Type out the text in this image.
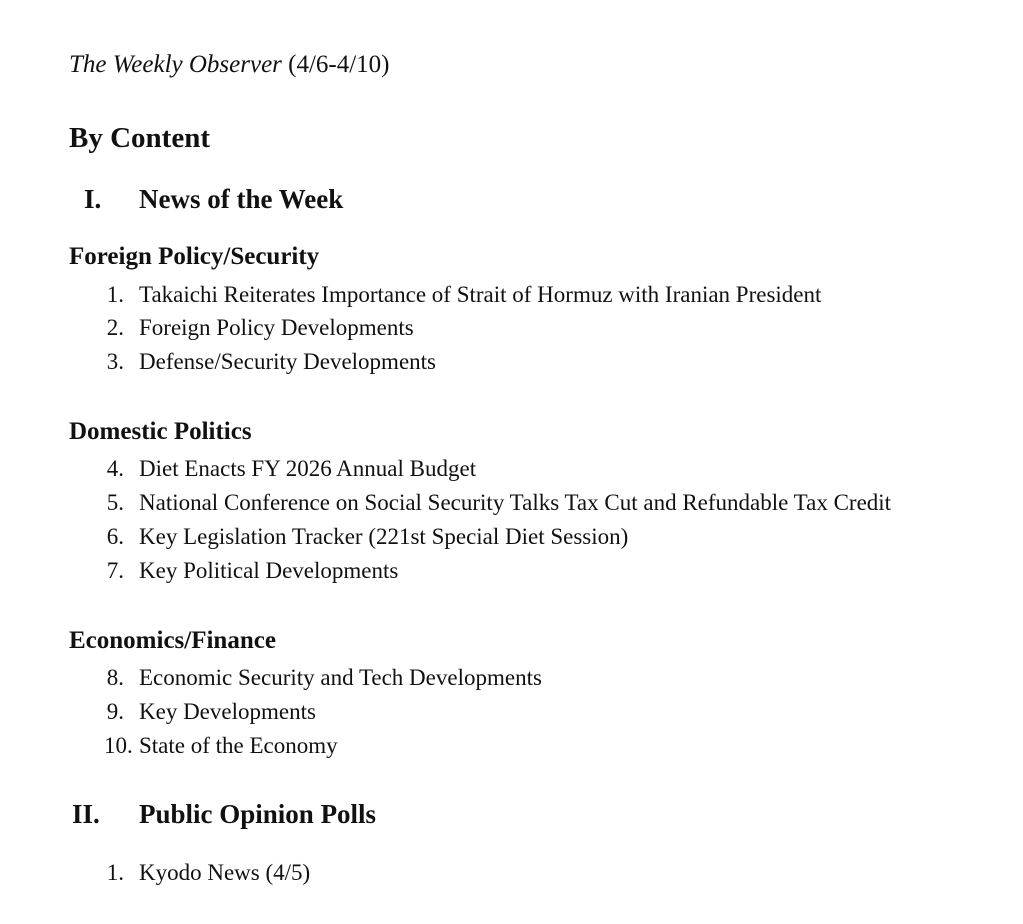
The Weekly Observer (4/6-4/10)
By Content
I. News of the Week
Foreign Policy/Security
1. Takaichi Reiterates Importance of Strait of Hormuz with Iranian President
2. Foreign Policy Developments
3. Defense/Security Developments
Domestic Politics
4. Diet Enacts FY 2026 Annual Budget
5. National Conference on Social Security Talks Tax Cut and Refundable Tax Credit
6. Key Legislation Tracker (221st Special Diet Session)
7. Key Political Developments
Economics/Finance
8. Economic Security and Tech Developments
9. Key Developments
10. State of the Economy
II. Public Opinion Polls
1. Kyodo News (4/5)
